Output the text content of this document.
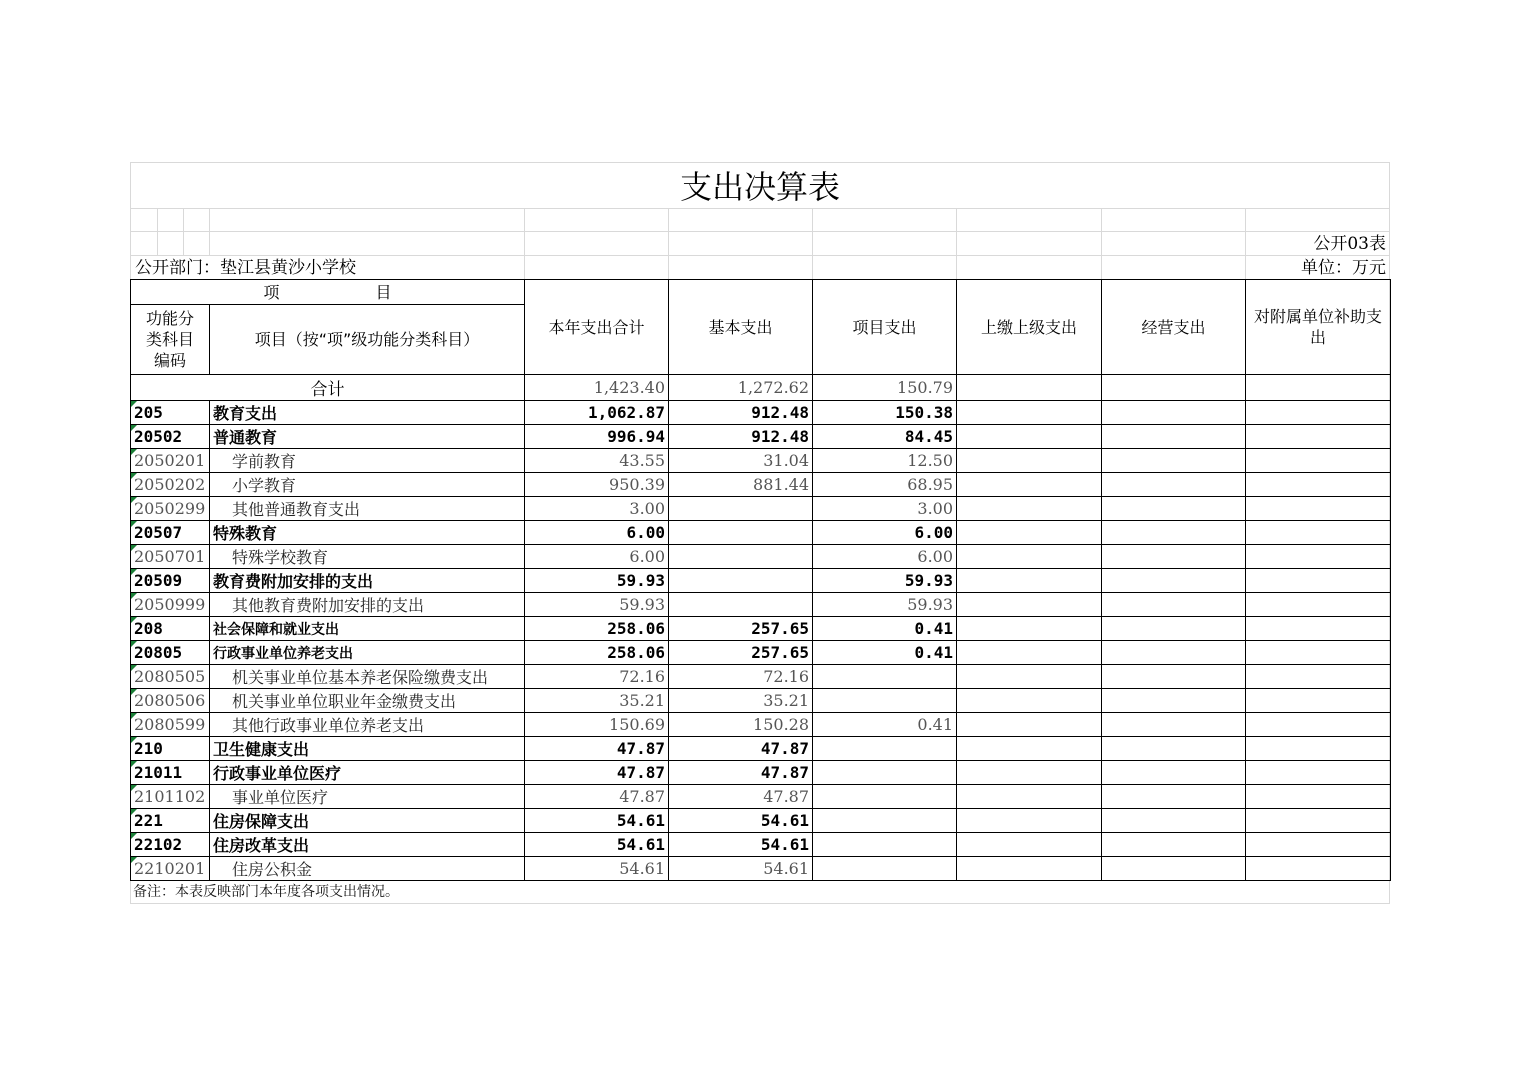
支出决算表
公开03表
公开部门：垫江县黄沙小学校	单位：万元
项　　　　　　目		本年支出合计	基本支出	项目支出	上缴上级支出	经营支出	对附属单位补助支出
功能分类科目编码	项目（按“项”级功能分类科目）						
合计		1,423.40	1,272.62	150.79			
205	教育支出	1,062.87	912.48	150.38			
20502	普通教育	996.94	912.48	84.45			
2050201	学前教育	43.55	31.04	12.50			
2050202	小学教育	950.39	881.44	68.95			
2050299	其他普通教育支出	3.00		3.00			
20507	特殊教育	6.00		6.00			
2050701	特殊学校教育	6.00		6.00			
20509	教育费附加安排的支出	59.93		59.93			
2050999	其他教育费附加安排的支出	59.93		59.93			
208	社会保障和就业支出	258.06	257.65	0.41			
20805	行政事业单位养老支出	258.06	257.65	0.41			
2080505	机关事业单位基本养老保险缴费支出	72.16	72.16				
2080506	机关事业单位职业年金缴费支出	35.21	35.21				
2080599	其他行政事业单位养老支出	150.69	150.28	0.41			
210	卫生健康支出	47.87	47.87				
21011	行政事业单位医疗	47.87	47.87				
2101102	事业单位医疗	47.87	47.87				
221	住房保障支出	54.61	54.61				
22102	住房改革支出	54.61	54.61				
2210201	住房公积金	54.61	54.61				
备注：本表反映部门本年度各项支出情况。
